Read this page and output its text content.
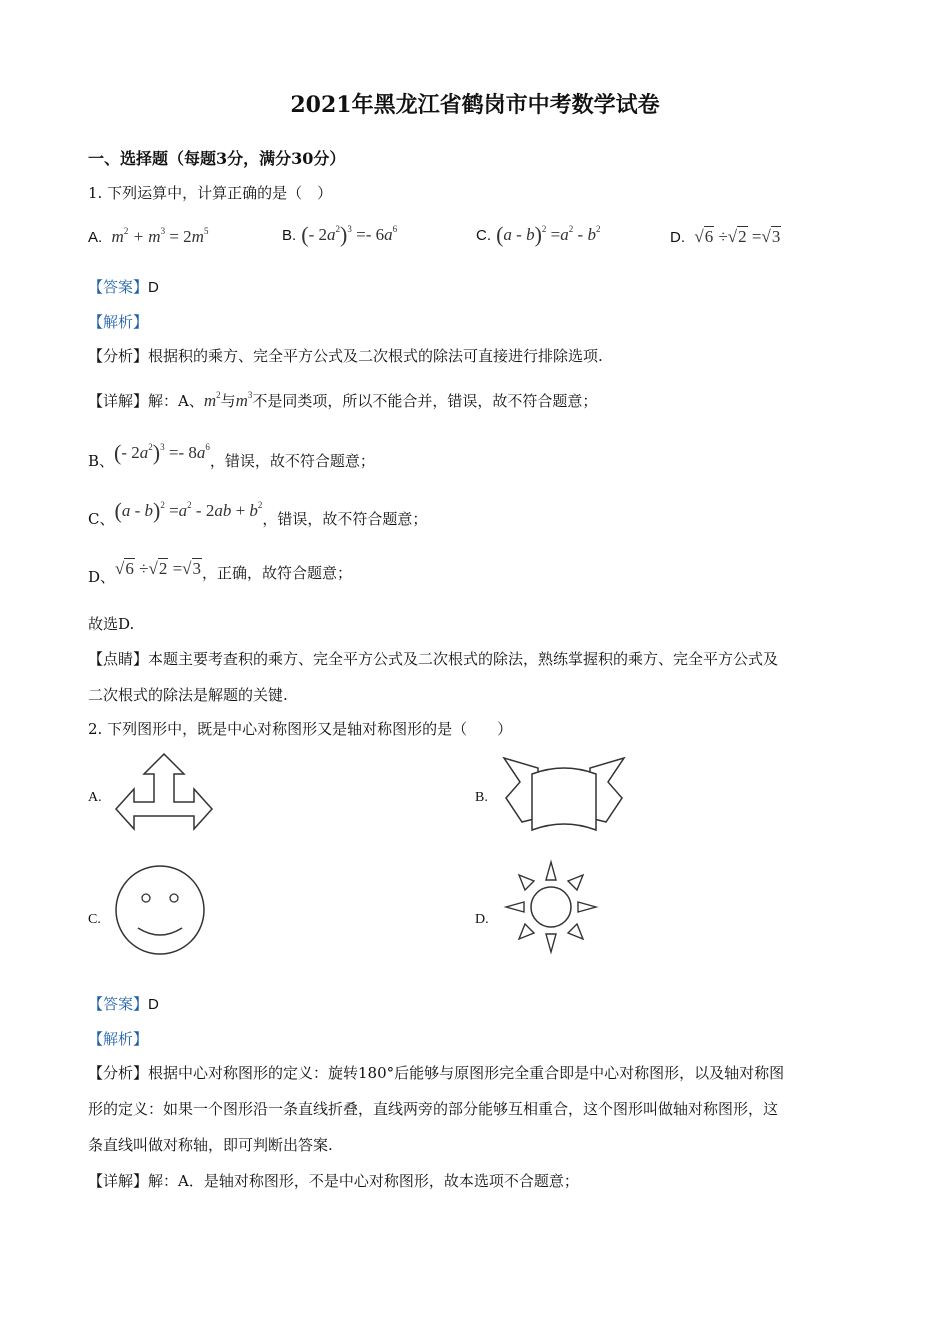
2021年黑龙江省鹤岗市中考数学试卷
一、选择题（每题3分，满分30分）
1. 下列运算中，计算正确的是（　）
A.  $m^2 + m^3 = 2m^5$	B. (- $2a^2)^3 =- 6a^6$	C. $(a - b)^2 =a^2 - b^2$	D. √6 ÷√2 =√3
【答案】D
【解析】
【分析】根据积的乘方、完全平方公式及二次根式的除法可直接进行排除选项.
【详解】解：A、$m^2$与$m^3$不是同类项，所以不能合并，错误，故不符合题意；
B、(- $2a^2)^3 =- 8a^6$，错误，故不符合题意；
C、$(a - b)^2 =a^2 - 2ab + b^2$，错误，故不符合题意；
D、√6 ÷√2 =√3，正确，故符合题意；
故选D.
【点睛】本题主要考查积的乘方、完全平方公式及二次根式的除法，熟练掌握积的乘方、完全平方公式及
二次根式的除法是解题的关键.
2. 下列图形中，既是中心对称图形又是轴对称图形的是（　　）
A.	B.
C.	D.
【答案】D
【解析】
【分析】根据中心对称图形的定义：旋转180°后能够与原图形完全重合即是中心对称图形，以及轴对称图
形的定义：如果一个图形沿一条直线折叠，直线两旁的部分能够互相重合，这个图形叫做轴对称图形，这
条直线叫做对称轴，即可判断出答案.
【详解】解：A．是轴对称图形，不是中心对称图形，故本选项不合题意；
